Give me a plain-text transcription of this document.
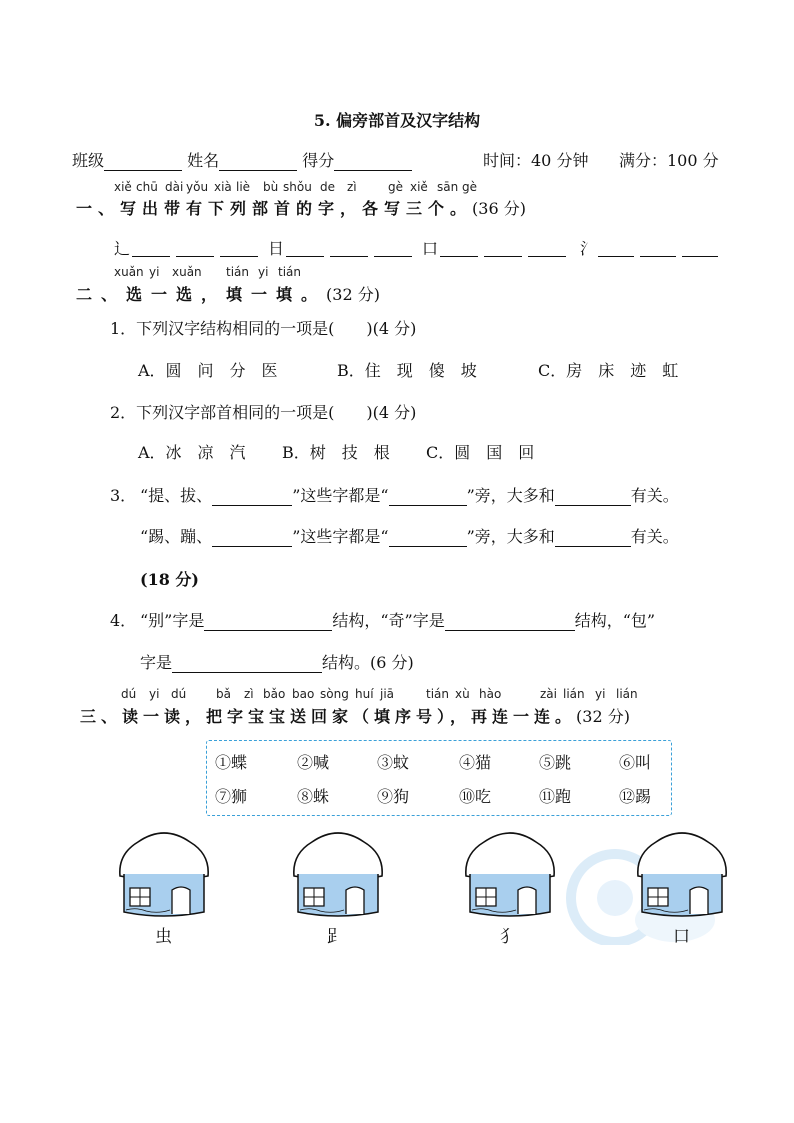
5. 偏旁部首及汉字结构
班级	姓名	得分	时间：40 分钟 满分：100 分
xiě chū dài yǒu xià liè bù shǒu de zì	gè xiě sān gè
一、写出带有下列部首的字，各写三个。(36 分)
辶	日	口	氵
xuǎn yi xuǎn tián yi tián
二、选一选，填一填。(32 分)
1．下列汉字结构相同的一项是(　　)(4 分)
A．圆　问　分　医	B．住　现　傻　坡	C．房　床　迹　虹
2．下列汉字部首相同的一项是(　　)(4 分)
A．冰　凉　汽 B．树　技　根 C．圆　国　回
3． “提、拔、	”这些字都是“	”旁，大多和	有关。
“踢、蹦、	”这些字都是“	”旁，大多和	有关。
(18 分)
4． “别”字是	结构，“奇”字是	结构，“包”
字是	结构。(6 分)
dú yi dú bǎ zì bǎo bao sòng huí jiā	tián xù hào	zài lián yi lián
三、读一读，把字宝宝送回家（填序号），再连一连。(32 分)
①蝶	②喊	③蚊	④猫	⑤跳	⑥叫
⑦狮	⑧蛛	⑨狗	⑩吃	⑪跑	⑫踢
虫	𧾷	犭	口
